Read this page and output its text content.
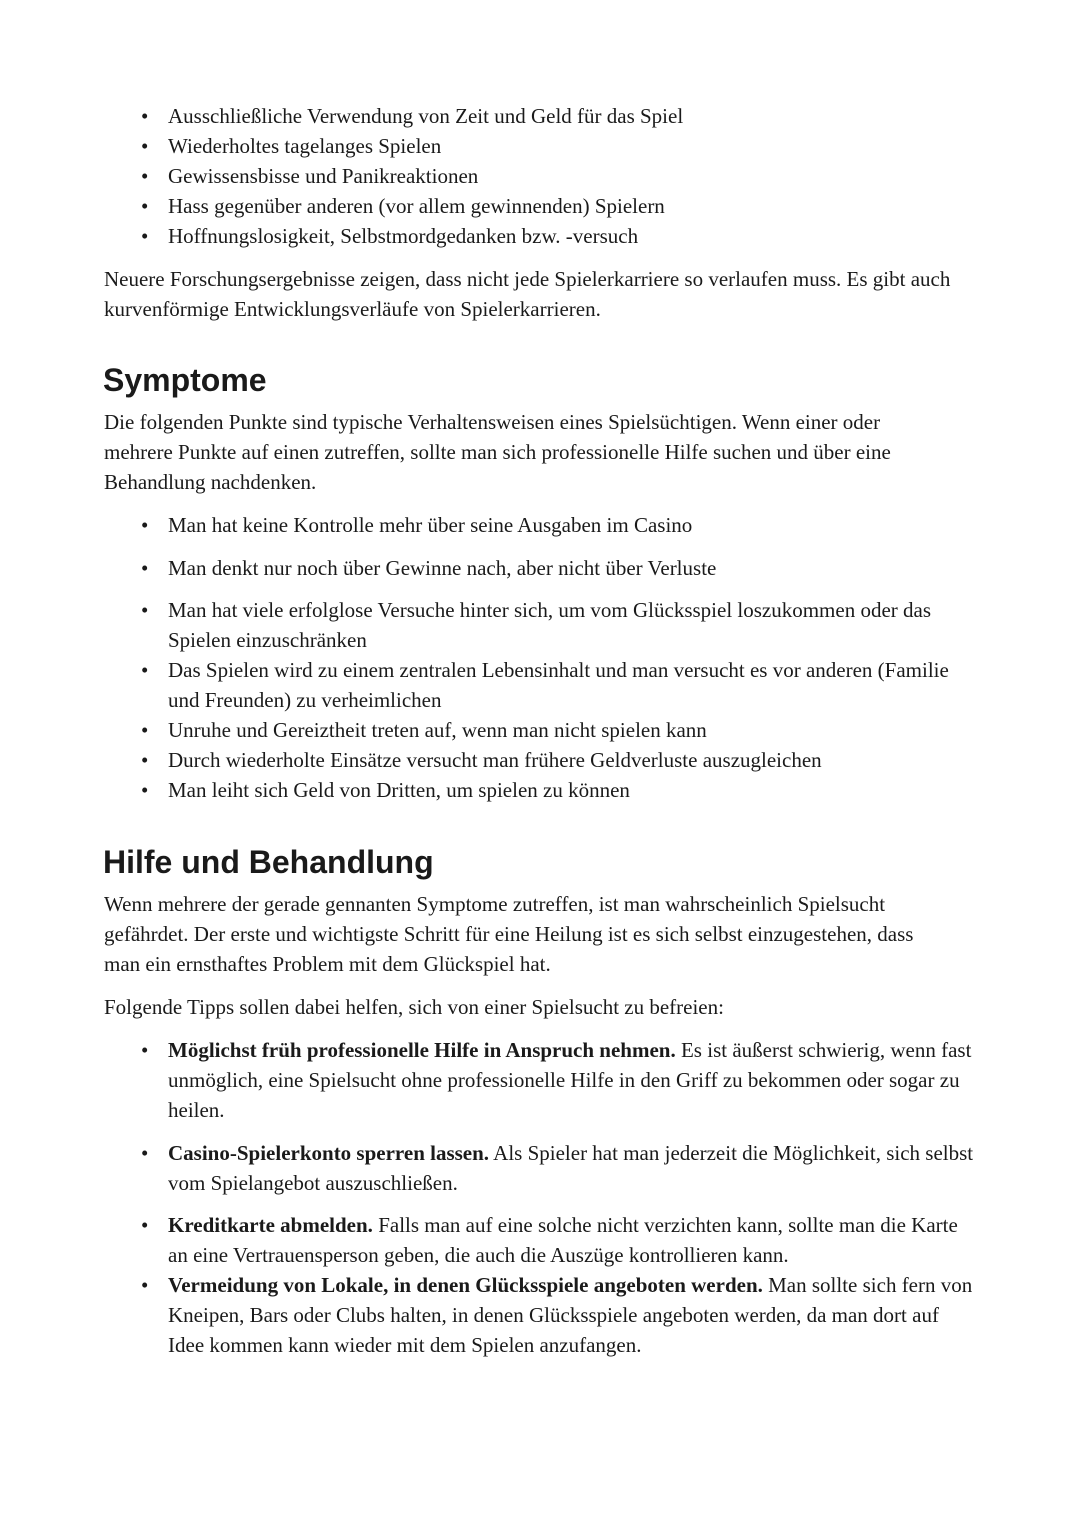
• Ausschließliche Verwendung von Zeit und Geld für das Spiel
• Wiederholtes tagelanges Spielen
• Gewissensbisse und Panikreaktionen
• Hass gegenüber anderen (vor allem gewinnenden) Spielern
• Hoffnungslosigkeit, Selbstmordgedanken bzw. -versuch

Neuere Forschungsergebnisse zeigen, dass nicht jede Spielerkarriere so verlaufen muss. Es gibt auch kurvenförmige Entwicklungsverläufe von Spielerkarrieren.

Symptome

Die folgenden Punkte sind typische Verhaltensweisen eines Spielsüchtigen. Wenn einer oder mehrere Punkte auf einen zutreffen, sollte man sich professionelle Hilfe suchen und über eine Behandlung nachdenken.

• Man hat keine Kontrolle mehr über seine Ausgaben im Casino
• Man denkt nur noch über Gewinne nach, aber nicht über Verluste
• Man hat viele erfolglose Versuche hinter sich, um vom Glücksspiel loszukommen oder das Spielen einzuschränken
• Das Spielen wird zu einem zentralen Lebensinhalt und man versucht es vor anderen (Familie und Freunden) zu verheimlichen
• Unruhe und Gereiztheit treten auf, wenn man nicht spielen kann
• Durch wiederholte Einsätze versucht man frühere Geldverluste auszugleichen
• Man leiht sich Geld von Dritten, um spielen zu können
Hilfe und Behandlung

Wenn mehrere der gerade gennanten Symptome zutreffen, ist man wahrscheinlich Spielsucht gefährdet. Der erste und wichtigste Schritt für eine Heilung ist es sich selbst einzugestehen, dass man ein ernsthaftes Problem mit dem Glückspiel hat.

Folgende Tipps sollen dabei helfen, sich von einer Spielsucht zu befreien:

• Möglichst früh professionelle Hilfe in Anspruch nehmen. Es ist äußerst schwierig, wenn fast unmöglich, eine Spielsucht ohne professionelle Hilfe in den Griff zu bekommen oder sogar zu heilen.
• Casino-Spielerkonto sperren lassen. Als Spieler hat man jederzeit die Möglichkeit, sich selbst vom Spielangebot auszuschließen.
• Kreditkarte abmelden. Falls man auf eine solche nicht verzichten kann, sollte man die Karte an eine Vertrauensperson geben, die auch die Auszüge kontrollieren kann.
• Vermeidung von Lokale, in denen Glücksspiele angeboten werden. Man sollte sich fern von Kneipen, Bars oder Clubs halten, in denen Glücksspiele angeboten werden, da man dort auf Idee kommen kann wieder mit dem Spielen anzufangen.
